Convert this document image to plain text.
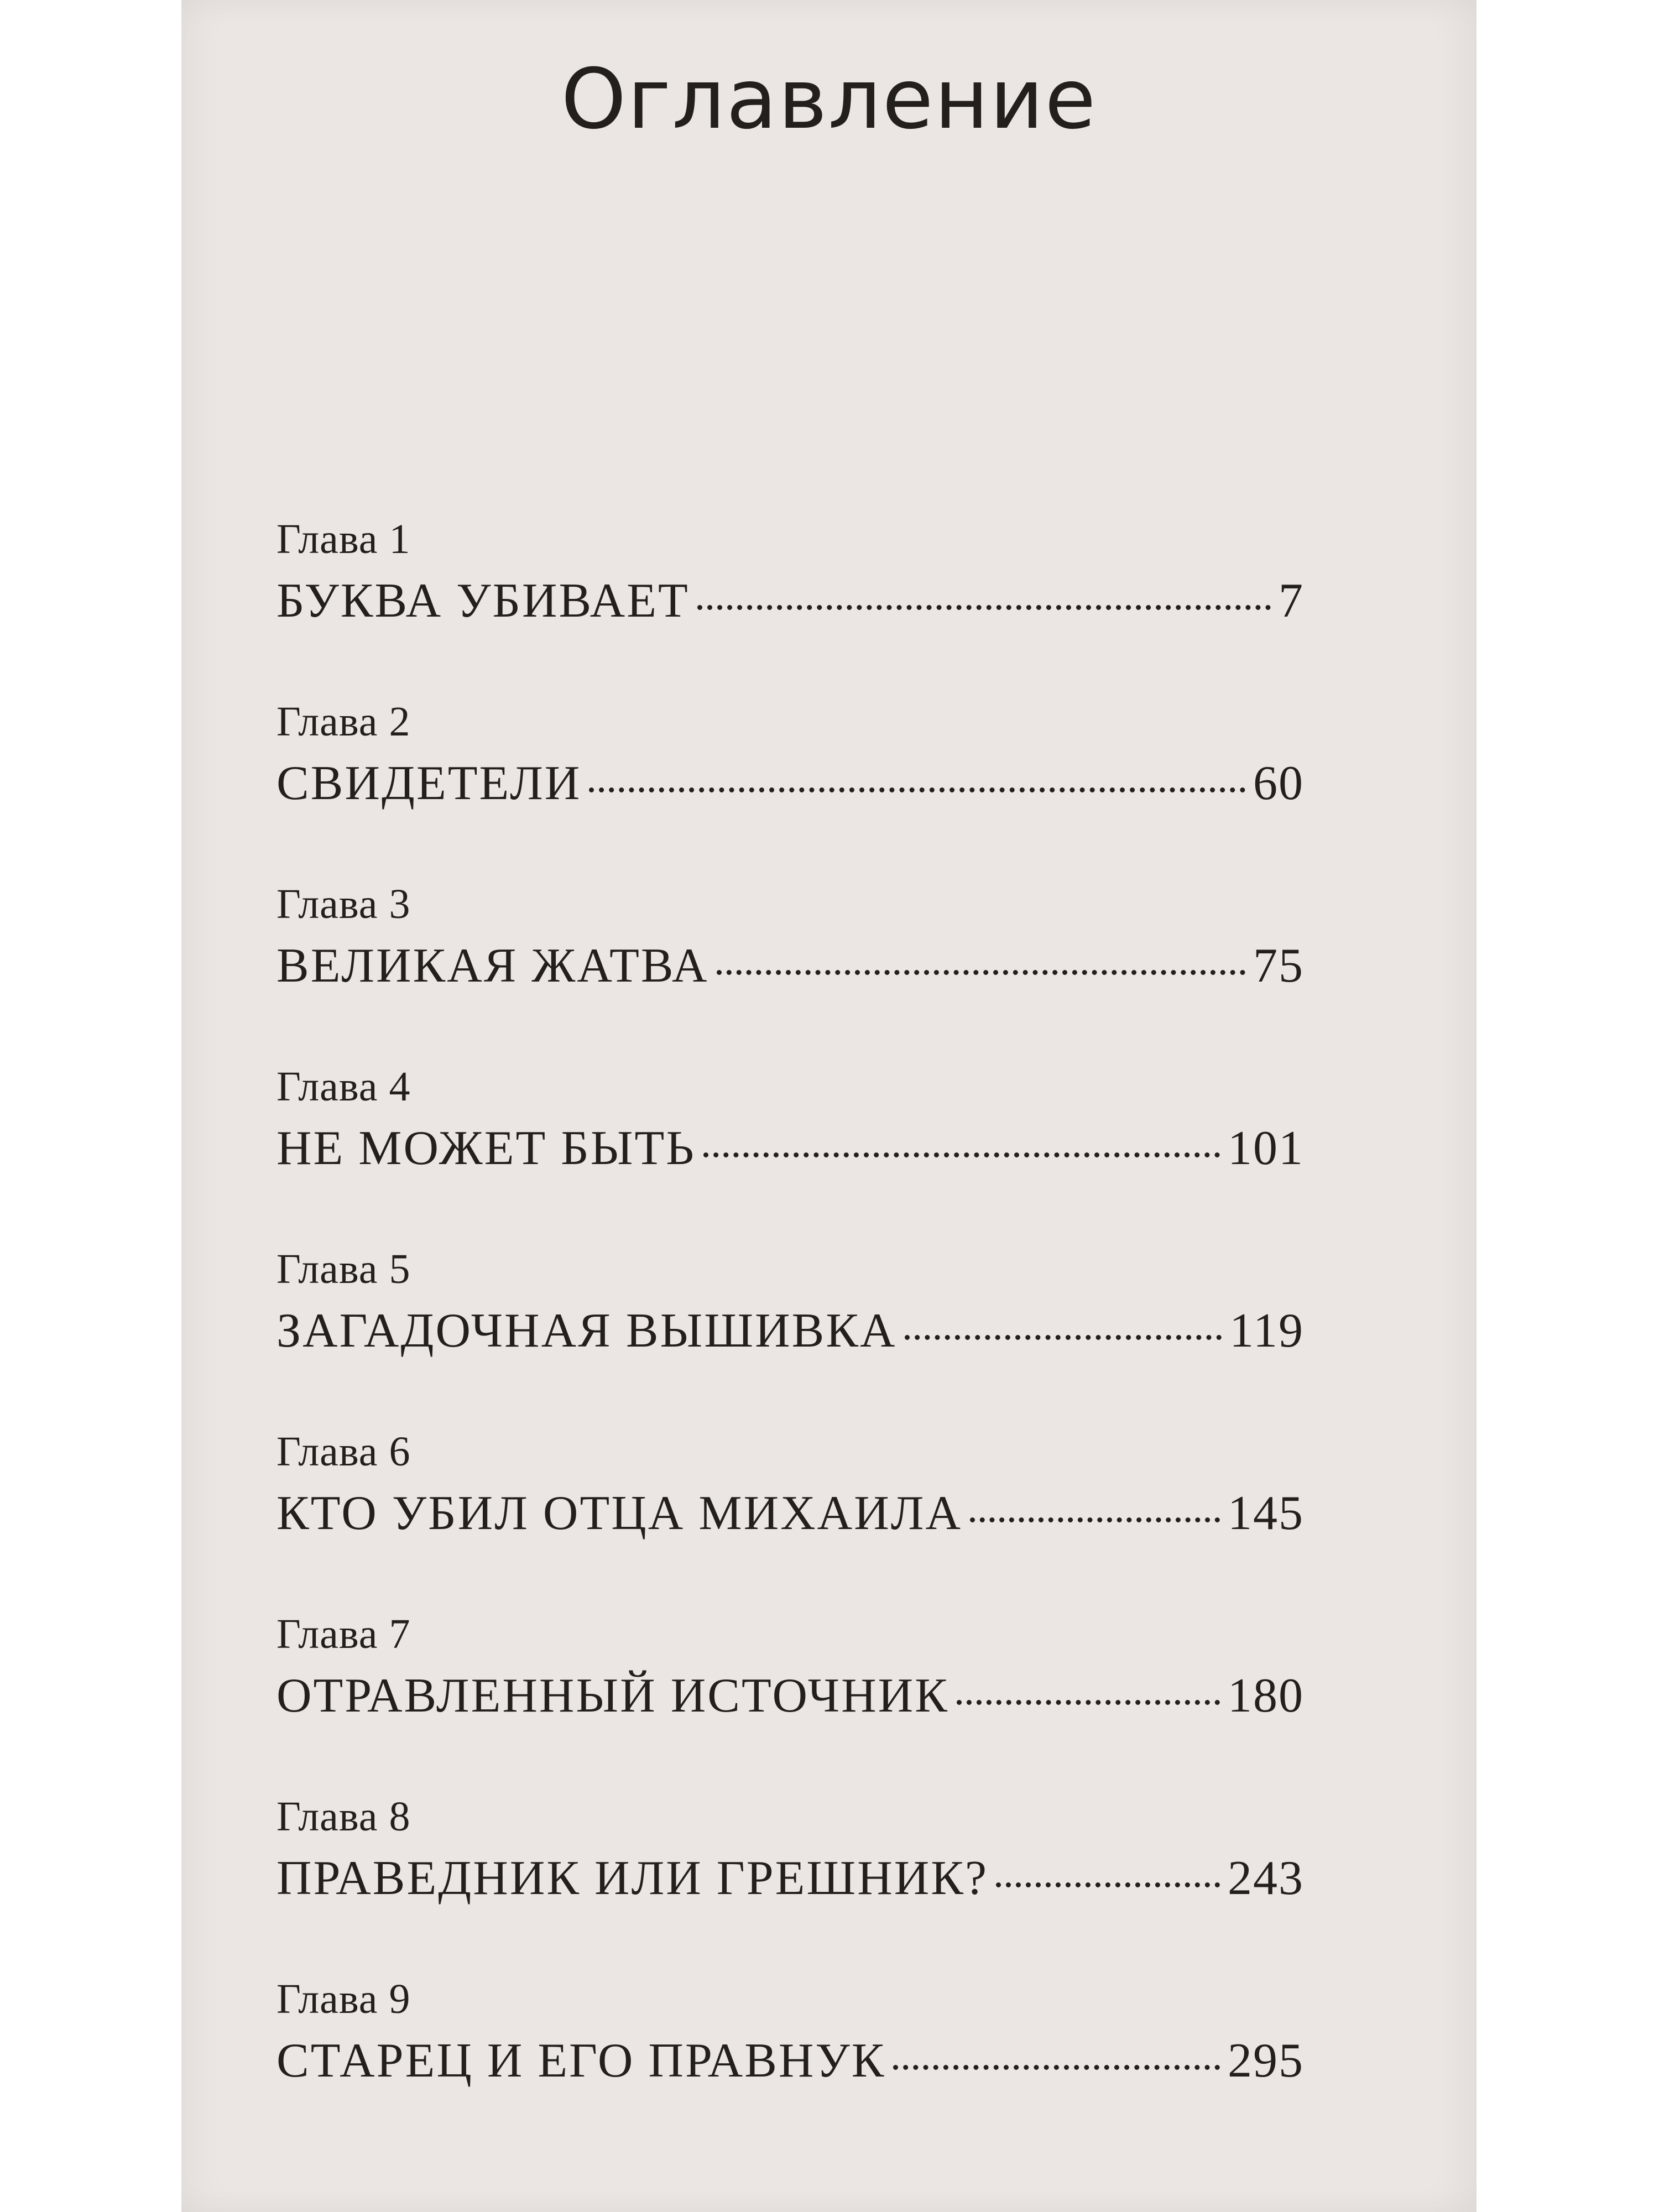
Оглавление
Глава 1
БУКВА УБИВАЕТ	7
Глава 2
СВИДЕТЕЛИ	60
Глава 3
ВЕЛИКАЯ ЖАТВА	75
Глава 4
НЕ МОЖЕТ БЫТЬ	101
Глава 5
ЗАГАДОЧНАЯ ВЫШИВКА	119
Глава 6
КТО УБИЛ ОТЦА МИХАИЛА	145
Глава 7
ОТРАВЛЕННЫЙ ИСТОЧНИК	180
Глава 8
ПРАВЕДНИК ИЛИ ГРЕШНИК?	243
Глава 9
СТАРЕЦ И ЕГО ПРАВНУК	295
